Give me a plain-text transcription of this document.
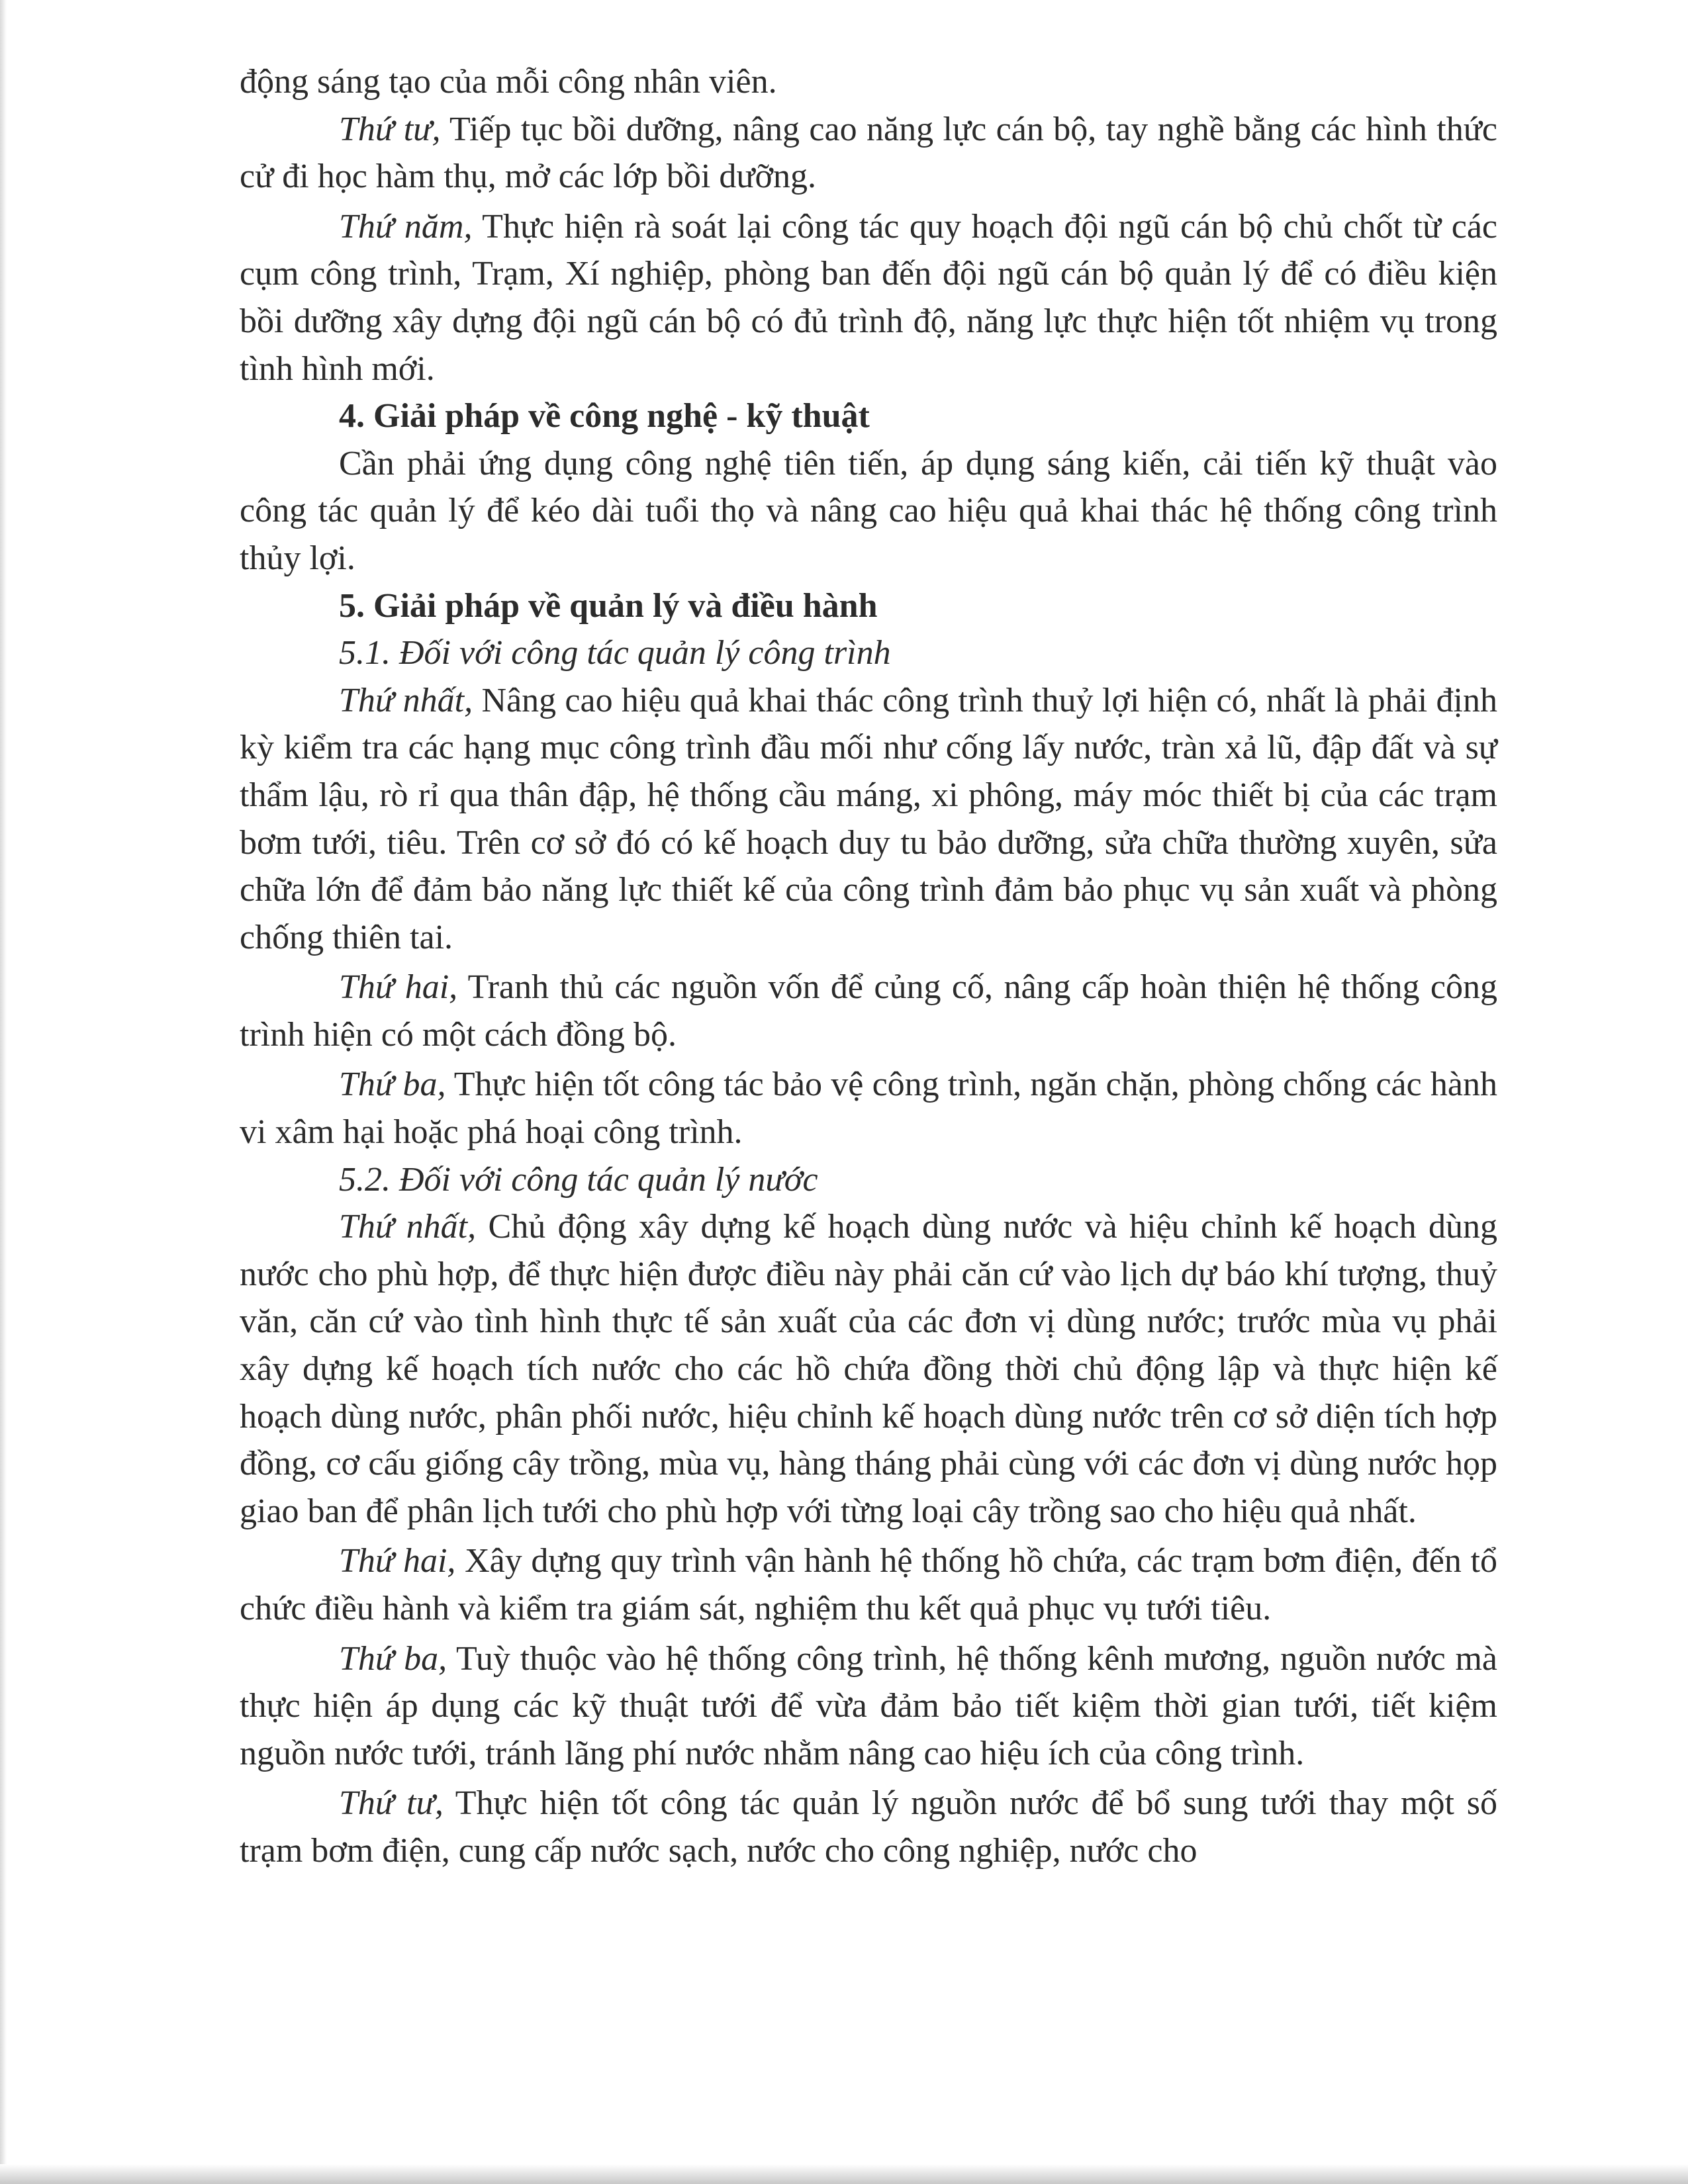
động sáng tạo của mỗi công nhân viên.

Thứ tư, Tiếp tục bồi dưỡng, nâng cao năng lực cán bộ, tay nghề bằng các hình thức cử đi học hàm thụ, mở các lớp bồi dưỡng.

Thứ năm, Thực hiện rà soát lại công tác quy hoạch đội ngũ cán bộ chủ chốt từ các cụm công trình, Trạm, Xí nghiệp, phòng ban đến đội ngũ cán bộ quản lý để có điều kiện bồi dưỡng xây dựng đội ngũ cán bộ có đủ trình độ, năng lực thực hiện tốt nhiệm vụ trong tình hình mới.

4. Giải pháp về công nghệ - kỹ thuật

Cần phải ứng dụng công nghệ tiên tiến, áp dụng sáng kiến, cải tiến kỹ thuật vào công tác quản lý để kéo dài tuổi thọ và nâng cao hiệu quả khai thác hệ thống công trình thủy lợi.

5. Giải pháp về quản lý và điều hành

5.1. Đối với công tác quản lý công trình

Thứ nhất, Nâng cao hiệu quả khai thác công trình thuỷ lợi hiện có, nhất là phải định kỳ kiểm tra các hạng mục công trình đầu mối như cống lấy nước, tràn xả lũ, đập đất và sự thẩm lậu, rò rỉ qua thân đập, hệ thống cầu máng, xi phông, máy móc thiết bị của các trạm bơm tưới, tiêu. Trên cơ sở đó có kế hoạch duy tu bảo dưỡng, sửa chữa thường xuyên, sửa chữa lớn để đảm bảo năng lực thiết kế của công trình đảm bảo phục vụ sản xuất và phòng chống thiên tai.

Thứ hai, Tranh thủ các nguồn vốn để củng cố, nâng cấp hoàn thiện hệ thống công trình hiện có một cách đồng bộ.

Thứ ba, Thực hiện tốt công tác bảo vệ công trình, ngăn chặn, phòng chống các hành vi xâm hại hoặc phá hoại công trình.

5.2. Đối với công tác quản lý nước

Thứ nhất, Chủ động xây dựng kế hoạch dùng nước và hiệu chỉnh kế hoạch dùng nước cho phù hợp, để thực hiện được điều này phải căn cứ vào lịch dự báo khí tượng, thuỷ văn, căn cứ vào tình hình thực tế sản xuất của các đơn vị dùng nước; trước mùa vụ phải xây dựng kế hoạch tích nước cho các hồ chứa đồng thời chủ động lập và thực hiện kế hoạch dùng nước, phân phối nước, hiệu chỉnh kế hoạch dùng nước trên cơ sở diện tích hợp đồng, cơ cấu giống cây trồng, mùa vụ, hàng tháng phải cùng với các đơn vị dùng nước họp giao ban để phân lịch tưới cho phù hợp với từng loại cây trồng sao cho hiệu quả nhất.

Thứ hai, Xây dựng quy trình vận hành hệ thống hồ chứa, các trạm bơm điện, đến tổ chức điều hành và kiểm tra giám sát, nghiệm thu kết quả phục vụ tưới tiêu.

Thứ ba, Tuỳ thuộc vào hệ thống công trình, hệ thống kênh mương, nguồn nước mà thực hiện áp dụng các kỹ thuật tưới để vừa đảm bảo tiết kiệm thời gian tưới, tiết kiệm nguồn nước tưới, tránh lãng phí nước nhằm nâng cao hiệu ích của công trình.

Thứ tư, Thực hiện tốt công tác quản lý nguồn nước để bổ sung tưới thay một số trạm bơm điện, cung cấp nước sạch, nước cho công nghiệp, nước cho
